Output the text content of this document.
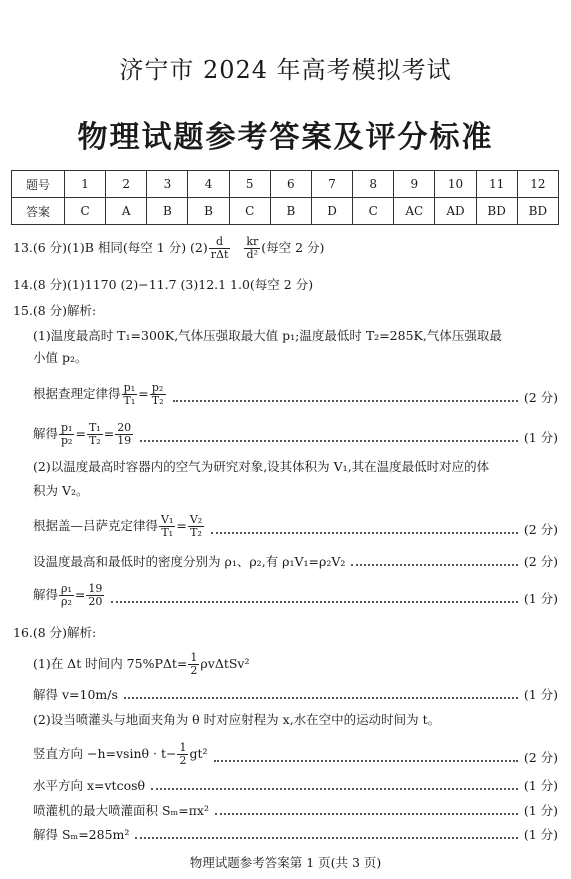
济宁市 2024 年高考模拟考试
物理试题参考答案及评分标准
题号	1	2	3	4	5	6	7	8	9	10	11	12
答案	C	A	B	B	C	B	D	C	AC	AD	BD	BD
13.(6 分)(1)B 相同(每空 1 分) $(2) \frac{d}{\text{rΔt}}$
$\frac{kr}{\text{d²}}$ (每空 2 分)
14.(8 分)(1)1170 (2)−11.7 (3)12.1 1.0(每空 2 分)
15.(8 分)解析:
(1)温度最高时 T₁=300K,气体压强取最大值 p₁;温度最低时 T₂=285K,气体压强取最
小值 p₂。
根据查理定律得 $\frac{\text{p₁}}{\text{T₁}} = \frac{\text{p₂}}{\text{T₂}}$	(2 分)
解得 $\frac{\text{p₁}}{\text{p₂}} = \frac{\text{T₁}}{\text{T₂}} = \frac{20}{19}$	(1 分)
(2)以温度最高时容器内的空气为研究对象,设其体积为 V₁,其在温度最低时对应的体
积为 V₂。
根据盖—吕萨克定律得 $\frac{\text{V₁}}{\text{T₁}} = \frac{\text{V₂}}{\text{T₂}}$	(2 分)
设温度最高和最低时的密度分别为 ρ₁、ρ₂,有 ρ₁V₁=ρ₂V₂	(2 分)
解得 $\frac{\text{ρ₁}}{\text{ρ₂}} = \frac{19}{20}$	(1 分)
16.(8 分)解析:
(1)在 Δt 时间内 $75\%P\Delta t= \frac{1}{2} \rho v\Delta tSv^2$
解得 v=10m/s	(1 分)
(2)设当喷灌头与地面夹角为 θ 时对应射程为 x,水在空中的运动时间为 t。
竖直方向 $-h=vsin\theta \cdot t- \frac{1}{2} gt^2$	(2 分)
水平方向 x=vtcosθ	(1 分)
喷灌机的最大喷灌面积 Sₘ=πx²	(1 分)
解得 Sₘ=285m²	(1 分)
物理试题参考答案第 1 页(共 3 页)
